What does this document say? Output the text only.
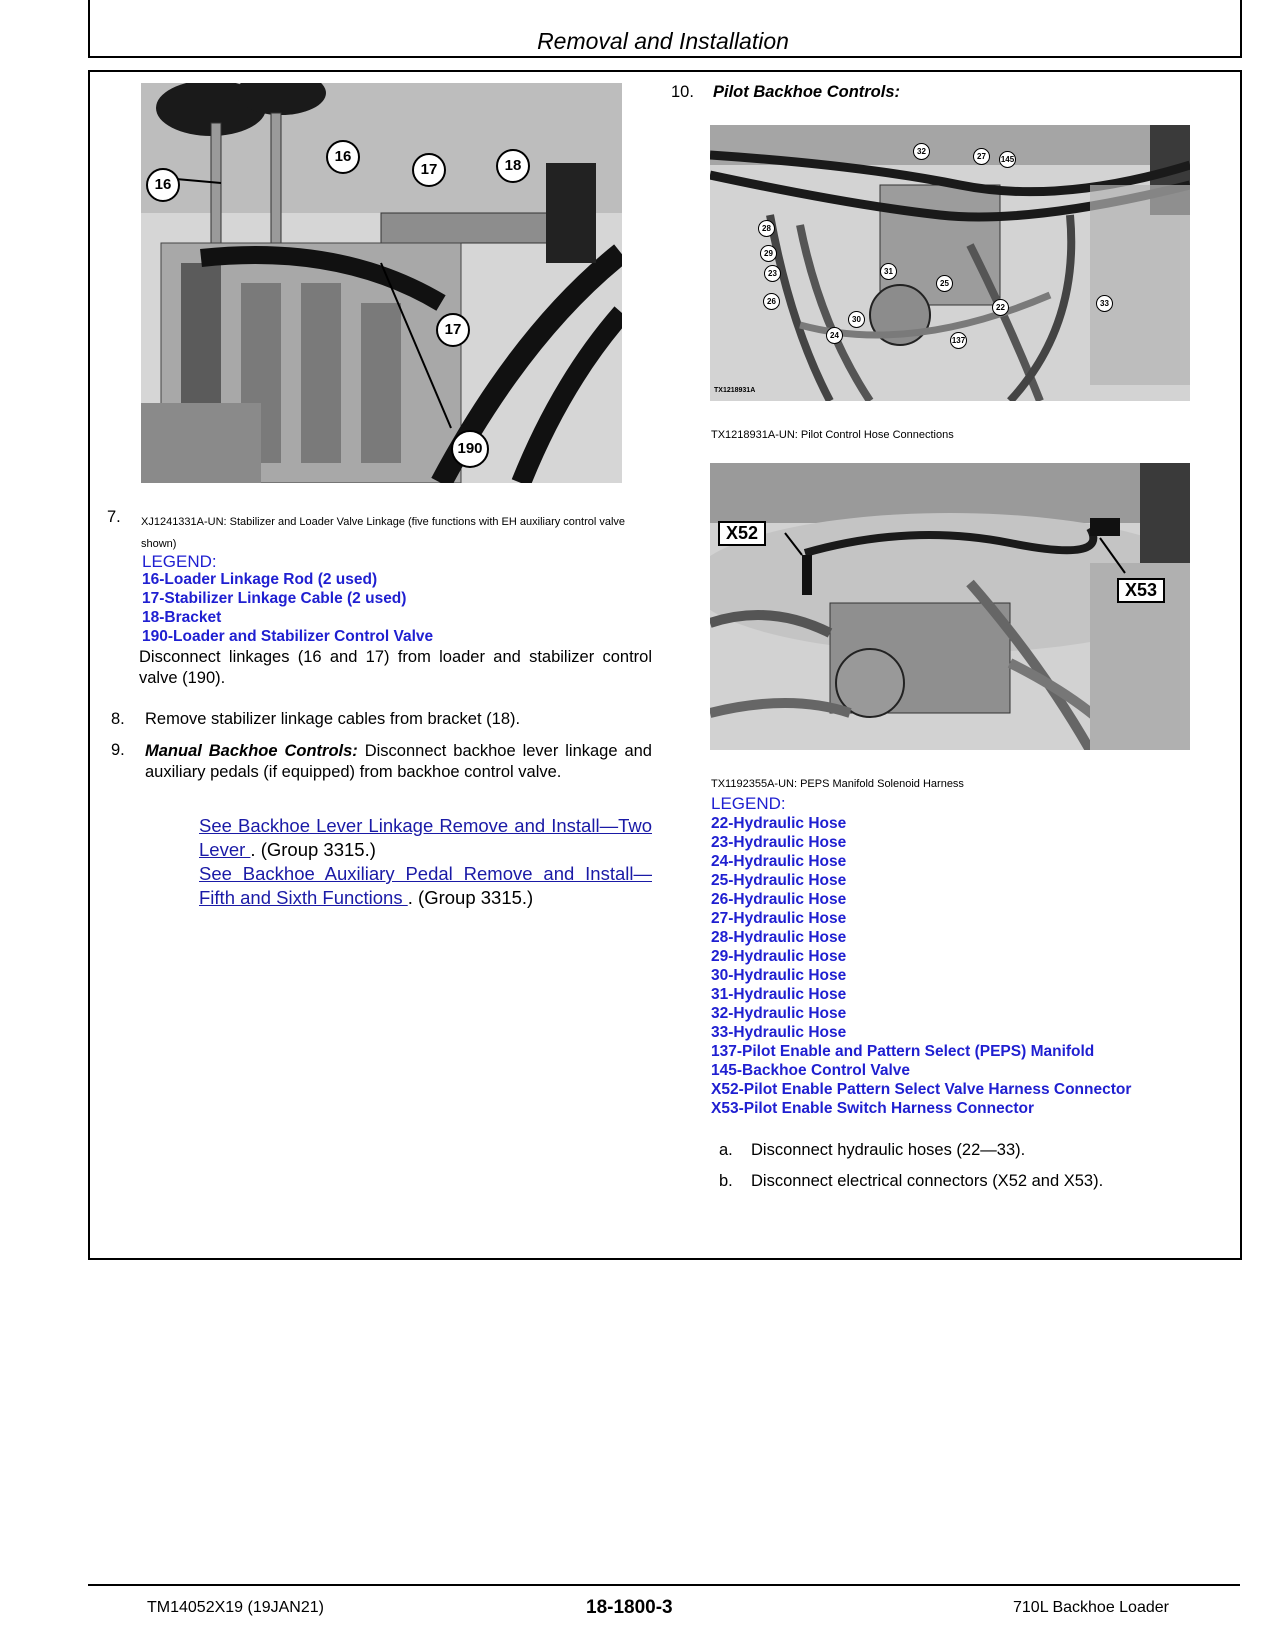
Removal and Installation
16
16
17
17
18
190
7. XJ1241331A-UN: Stabilizer and Loader Valve Linkage (five functions with EH auxiliary control valve shown)
LEGEND:
16-Loader Linkage Rod (2 used)
17-Stabilizer Linkage Cable (2 used)
18-Bracket
190-Loader and Stabilizer Control Valve
Disconnect linkages (16 and 17) from loader and stabilizer control valve (190).
8. Remove stabilizer linkage cables from bracket (18).
9. Manual Backhoe Controls: Disconnect backhoe lever linkage and auxiliary pedals (if equipped) from backhoe control valve.
See Backhoe Lever Linkage Remove and Install—Two Lever . (Group 3315.)
See Backhoe Auxiliary Pedal Remove and Install—Fifth and Sixth Functions . (Group 3315.)
10. Pilot Backhoe Controls:
32
27	145
28
29
23	31
25
22
26
30
24
137
33
TX1218931A
TX1218931A-UN: Pilot Control Hose Connections
X52
X53
TX1192355A-UN: PEPS Manifold Solenoid Harness
LEGEND:
22-Hydraulic Hose
23-Hydraulic Hose
24-Hydraulic Hose
25-Hydraulic Hose
26-Hydraulic Hose
27-Hydraulic Hose
28-Hydraulic Hose
29-Hydraulic Hose
30-Hydraulic Hose
31-Hydraulic Hose
32-Hydraulic Hose
33-Hydraulic Hose
137-Pilot Enable and Pattern Select (PEPS) Manifold
145-Backhoe Control Valve
X52-Pilot Enable Pattern Select Valve Harness Connector
X53-Pilot Enable Switch Harness Connector
a. Disconnect hydraulic hoses (22—33).
b. Disconnect electrical connectors (X52 and X53).
TM14052X19 (19JAN21)	18-1800-3	710L Backhoe Loader
